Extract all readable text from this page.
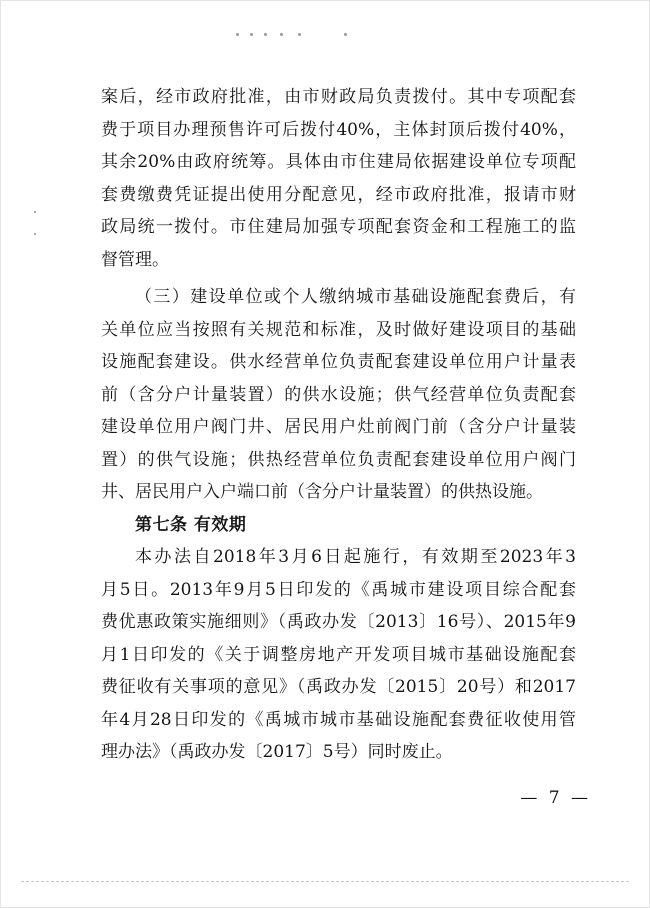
案后，经市政府批准，由市财政局负责拨付。其中专项配套

费于项目办理预售许可后拨付40%，主体封顶后拨付40%，

其余20%由政府统筹。具体由市住建局依据建设单位专项配

套费缴费凭证提出使用分配意见，经市政府批准，报请市财

政局统一拨付。市住建局加强专项配套资金和工程施工的监

督管理。

（三）建设单位或个人缴纳城市基础设施配套费后，有

关单位应当按照有关规范和标准，及时做好建设项目的基础

设施配套建设。供水经营单位负责配套建设单位用户计量表

前（含分户计量装置）的供水设施；供气经营单位负责配套

建设单位用户阀门井、居民用户灶前阀门前（含分户计量装

置）的供气设施；供热经营单位负责配套建设单位用户阀门

井、居民用户入户端口前（含分户计量装置）的供热设施。

第七条 有效期

本办法自2018年3月6日起施行，有效期至2023年3

月5日。2013年9月5日印发的《禹城市建设项目综合配套

费优惠政策实施细则》（禹政办发〔2013〕16号）、2015年9

月1日印发的《关于调整房地产开发项目城市基础设施配套

费征收有关事项的意见》（禹政办发〔2015〕20号）和2017

年4月28日印发的《禹城市城市基础设施配套费征收使用管

理办法》（禹政办发〔2017〕5号）同时废止。

— 7 —
